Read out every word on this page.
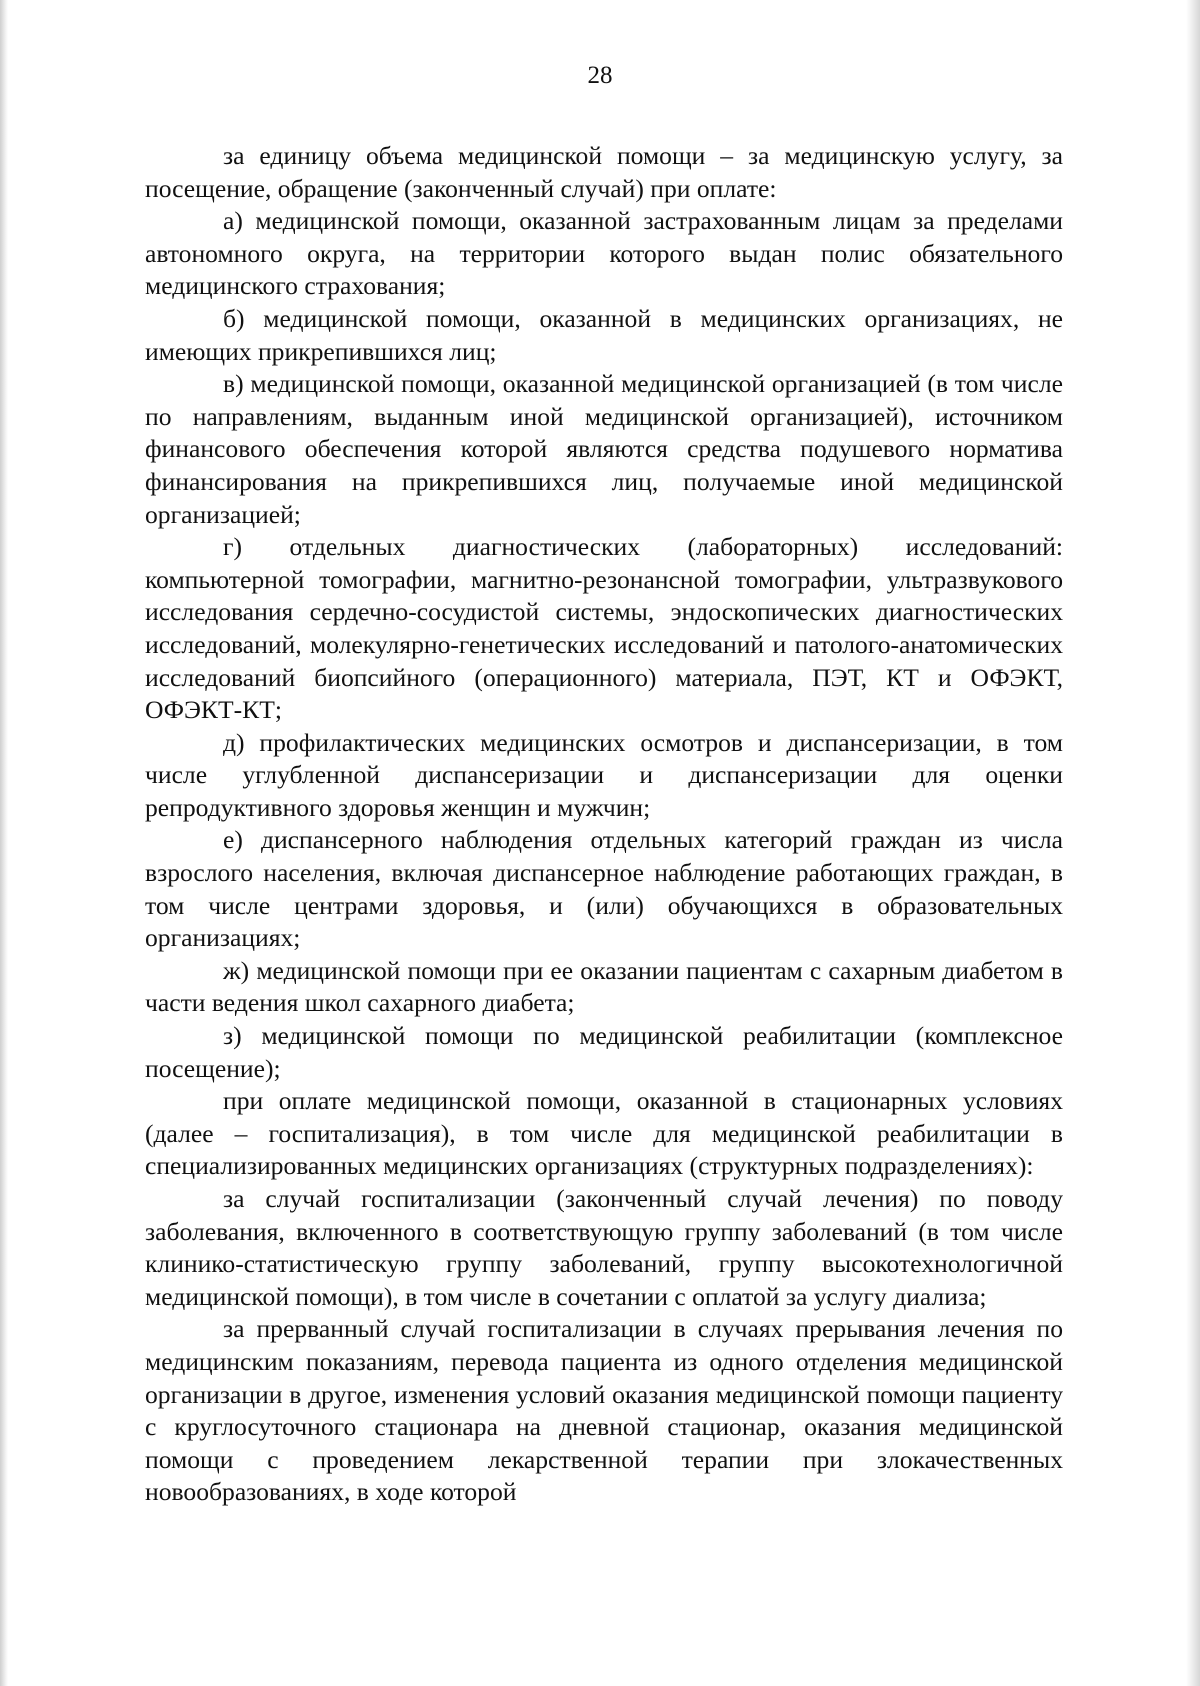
28

за единицу объема медицинской помощи – за медицинскую услугу, за посещение, обращение (законченный случай) при оплате:

а) медицинской помощи, оказанной застрахованным лицам за пределами автономного округа, на территории которого выдан полис обязательного медицинского страхования;

б) медицинской помощи, оказанной в медицинских организациях, не имеющих прикрепившихся лиц;

в) медицинской помощи, оказанной медицинской организацией (в том числе по направлениям, выданным иной медицинской организацией), источником финансового обеспечения которой являются средства подушевого норматива финансирования на прикрепившихся лиц, получаемые иной медицинской организацией;

г) отдельных диагностических (лабораторных) исследований: компьютерной томографии, магнитно-резонансной томографии, ультразвукового исследования сердечно-сосудистой системы, эндоскопических диагностических исследований, молекулярно-генетических исследований и патолого-анатомических исследований биопсийного (операционного) материала, ПЭТ, КТ и ОФЭКТ, ОФЭКТ-КТ;

д) профилактических медицинских осмотров и диспансеризации, в том числе углубленной диспансеризации и диспансеризации для оценки репродуктивного здоровья женщин и мужчин;

е) диспансерного наблюдения отдельных категорий граждан из числа взрослого населения, включая диспансерное наблюдение работающих граждан, в том числе центрами здоровья, и (или) обучающихся в образовательных организациях;

ж) медицинской помощи при ее оказании пациентам с сахарным диабетом в части ведения школ сахарного диабета;

з) медицинской помощи по медицинской реабилитации (комплексное посещение);

при оплате медицинской помощи, оказанной в стационарных условиях (далее – госпитализация), в том числе для медицинской реабилитации в специализированных медицинских организациях (структурных подразделениях):

за случай госпитализации (законченный случай лечения) по поводу заболевания, включенного в соответствующую группу заболеваний (в том числе клинико-статистическую группу заболеваний, группу высокотехнологичной медицинской помощи), в том числе в сочетании с оплатой за услугу диализа;

за прерванный случай госпитализации в случаях прерывания лечения по медицинским показаниям, перевода пациента из одного отделения медицинской организации в другое, изменения условий оказания медицинской помощи пациенту с круглосуточного стационара на дневной стационар, оказания медицинской помощи с проведением лекарственной терапии при злокачественных новообразованиях, в ходе которой
